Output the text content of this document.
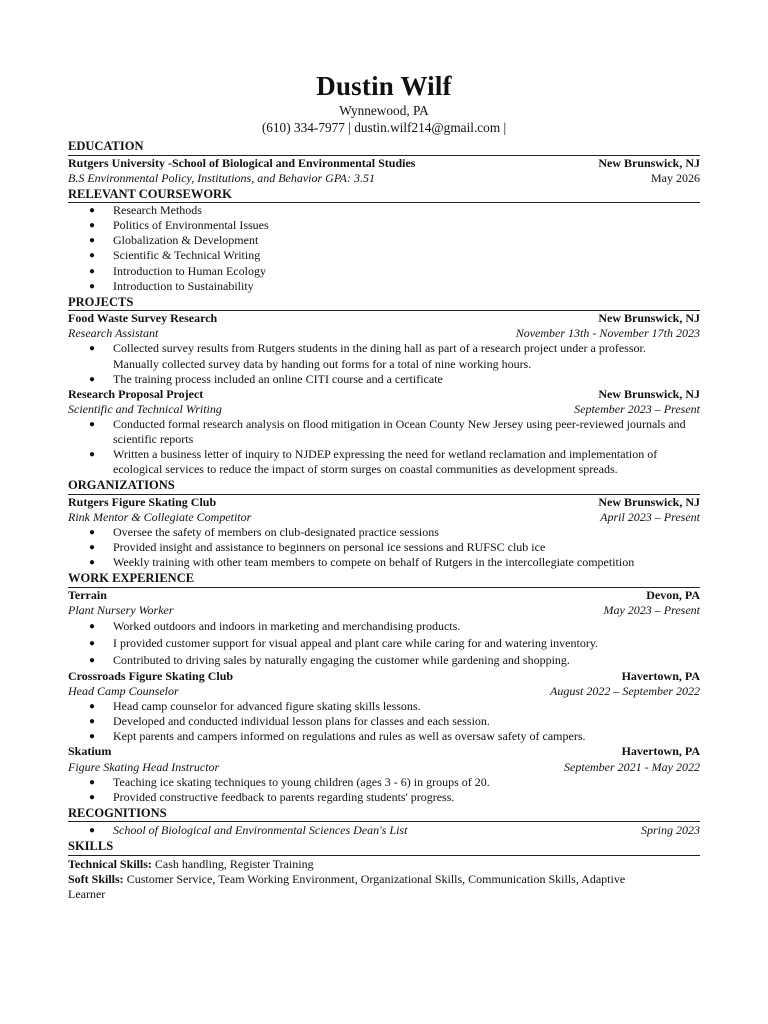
Dustin Wilf
Wynnewood, PA
(610) 334-7977 | dustin.wilf214@gmail.com |
EDUCATION
Rutgers University -School of Biological and Environmental Studies	New Brunswick, NJ
B.S Environmental Policy, Institutions, and Behavior GPA: 3.51	May 2026
RELEVANT COURSEWORK
● Research Methods
● Politics of Environmental Issues
● Globalization & Development
● Scientific & Technical Writing
● Introduction to Human Ecology
● Introduction to Sustainability
PROJECTS
Food Waste Survey Research	New Brunswick, NJ
Research Assistant	November 13th - November 17th 2023
● Collected survey results from Rutgers students in the dining hall as part of a research project under a professor.
Manually collected survey data by handing out forms for a total of nine working hours.
● The training process included an online CITI course and a certificate
Research Proposal Project	New Brunswick, NJ
Scientific and Technical Writing	September 2023 – Present
● Conducted formal research analysis on flood mitigation in Ocean County New Jersey using peer-reviewed journals and scientific reports
● Written a business letter of inquiry to NJDEP expressing the need for wetland reclamation and implementation of ecological services to reduce the impact of storm surges on coastal communities as development spreads.
ORGANIZATIONS
Rutgers Figure Skating Club	New Brunswick, NJ
Rink Mentor & Collegiate Competitor	April 2023 – Present
● Oversee the safety of members on club-designated practice sessions
● Provided insight and assistance to beginners on personal ice sessions and RUFSC club ice
● Weekly training with other team members to compete on behalf of Rutgers in the intercollegiate competition
WORK EXPERIENCE
Terrain	Devon, PA
Plant Nursery Worker	May 2023 – Present
● Worked outdoors and indoors in marketing and merchandising products.
● I provided customer support for visual appeal and plant care while caring for and watering inventory.
● Contributed to driving sales by naturally engaging the customer while gardening and shopping.
Crossroads Figure Skating Club	Havertown, PA
Head Camp Counselor	August 2022 – September 2022
● Head camp counselor for advanced figure skating skills lessons.
● Developed and conducted individual lesson plans for classes and each session.
● Kept parents and campers informed on regulations and rules as well as oversaw safety of campers.
Skatium	Havertown, PA
Figure Skating Head Instructor	September 2021 - May 2022
● Teaching ice skating techniques to young children (ages 3 - 6) in groups of 20.
● Provided constructive feedback to parents regarding students' progress.
RECOGNITIONS
● School of Biological and Environmental Sciences Dean's List	Spring 2023
SKILLS
Technical Skills: Cash handling, Register Training
Soft Skills: Customer Service, Team Working Environment, Organizational Skills, Communication Skills, Adaptive Learner
